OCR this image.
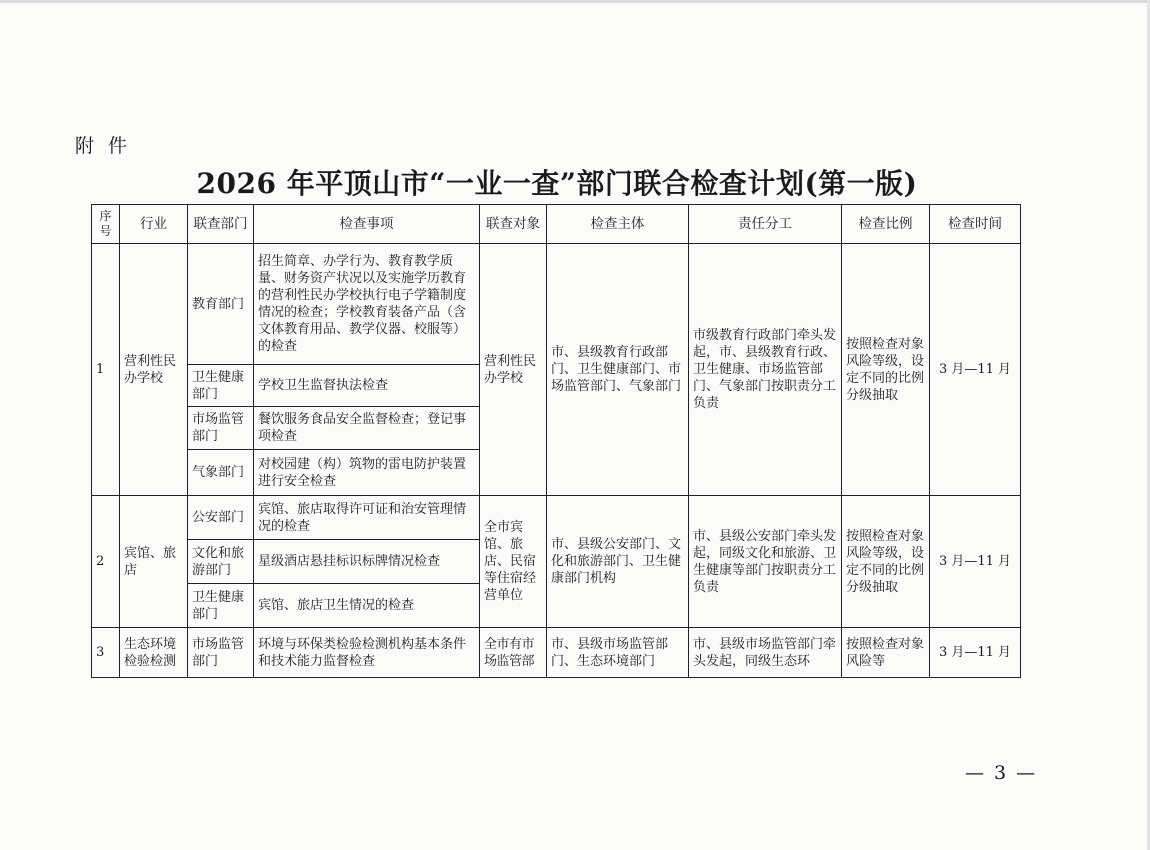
附 件
2026 年平顶山市“一业一查”部门联合检查计划(第一版)
序号	行业	联查部门	检查事项	联查对象	检查主体	责任分工	检查比例	检查时间
1	营利性民办学校	教育部门	招生简章、办学行为、教育教学质量、财务资产状况以及实施学历教育的营利性民办学校执行电子学籍制度情况的检查；学校教育装备产品（含文体教育用品、教学仪器、校服等）的检查	营利性民办学校	市、县级教育行政部门、卫生健康部门、市场监管部门、气象部门	市级教育行政部门牵头发起，市、县级教育行政、卫生健康、市场监管部门、气象部门按职责分工负责	按照检查对象风险等级，设定不同的比例分级抽取	3 月—11 月
		卫生健康部门	学校卫生监督执法检查					
		市场监管部门	餐饮服务食品安全监督检查；登记事项检查					
		气象部门	对校园建（构）筑物的雷电防护装置进行安全检查					
2	宾馆、旅店	公安部门	宾馆、旅店取得许可证和治安管理情况的检查	全市宾馆、旅店、民宿等住宿经营单位	市、县级公安部门、文化和旅游部门、卫生健康部门机构	市、县级公安部门牵头发起，同级文化和旅游、卫生健康等部门按职责分工负责	按照检查对象风险等级，设定不同的比例分级抽取	3 月—11 月
		文化和旅游部门	星级酒店悬挂标识标牌情况检查					
		卫生健康部门	宾馆、旅店卫生情况的检查					
3	生态环境检验检测	市场监管部门	环境与环保类检验检测机构基本条件和技术能力监督检查	全市有市场监管部	市、县级市场监管部门、生态环境部门	市、县级市场监管部门牵头发起，同级生态环	按照检查对象风险等	3 月—11 月
— 3 —
